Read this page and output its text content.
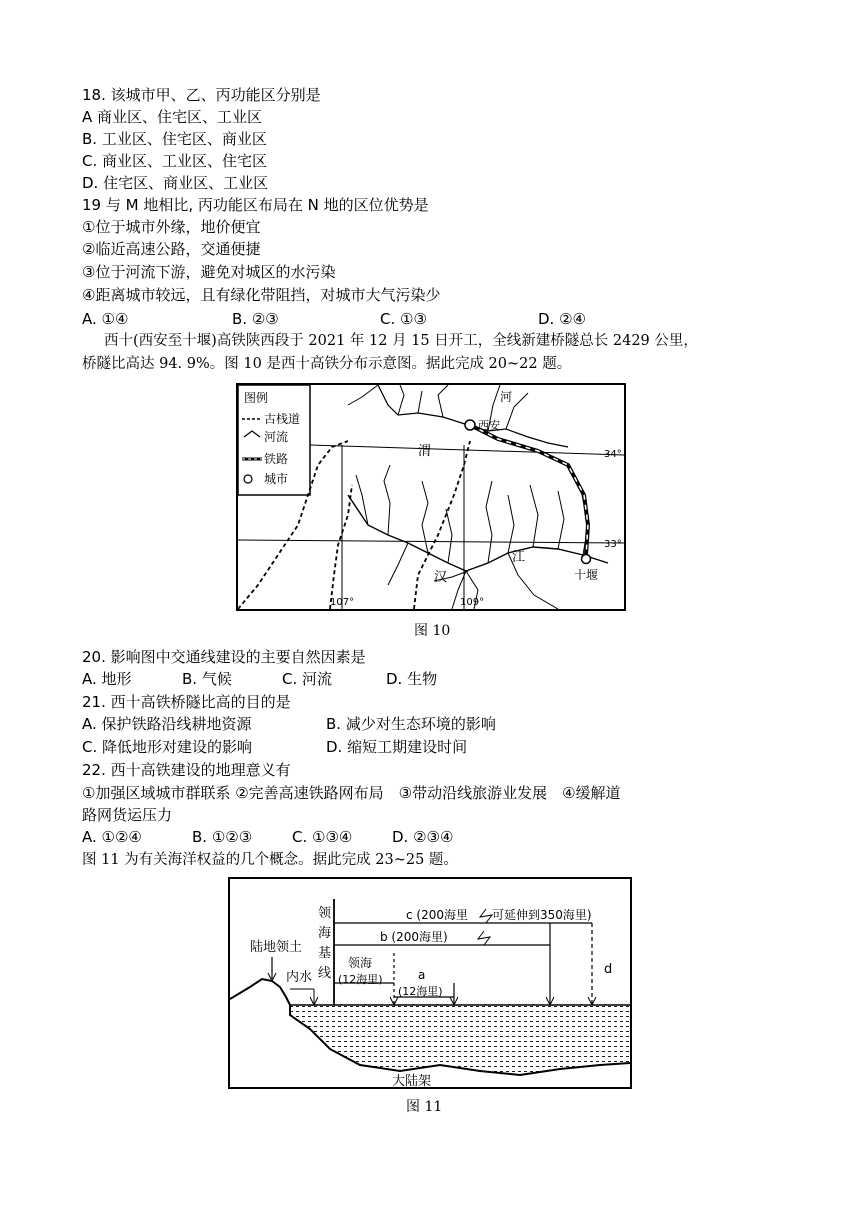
18. 该城市甲、乙、丙功能区分别是
A 商业区、住宅区、工业区
B. 工业区、住宅区、商业区
C. 商业区、工业区、住宅区
D. 住宅区、商业区、工业区
19 与 M 地相比, 丙功能区布局在 N 地的区位优势是
①位于城市外缘，地价便宜
②临近高速公路，交通便捷
③位于河流下游，避免对城区的水污染
④距离城市较远，且有绿化带阻挡，对城市大气污染少
A. ①④	B. ②③	C. ①③	D. ②④
西十(西安至十堰)高铁陕西段于 2021 年 12 月 15 日开工，全线新建桥隧总长 2429 公里，
桥隧比高达 94. 9%。图 10 是西十高铁分布示意图。据此完成 20~22 题。
图例
古栈道
河流
铁路
城市
34°
33°
107°	109°
渭
西安
河
汉
江
十堰
图 10
20. 影响图中交通线建设的主要自然因素是
A. 地形	B. 气候	C. 河流	D. 生物
21. 西十高铁桥隧比高的目的是
A. 保护铁路沿线耕地资源	B. 减少对生态环境的影响
C. 降低地形对建设的影响	D. 缩短工期建设时间
22. 西十高铁建设的地理意义有
①加强区域城市群联系 ②完善高速铁路网布局　③带动沿线旅游业发展　④缓解道
路网货运压力
A. ①②④	B. ①②③	C. ①③④	D. ②③④
图 11 为有关海洋权益的几个概念。据此完成 23~25 题。
领
海
基
线
c (200海里 可延伸到350海里)
b (200海里)
领海
(12海里)	a
(12海里)
d
陆地领土
内水
大陆架
图 11
